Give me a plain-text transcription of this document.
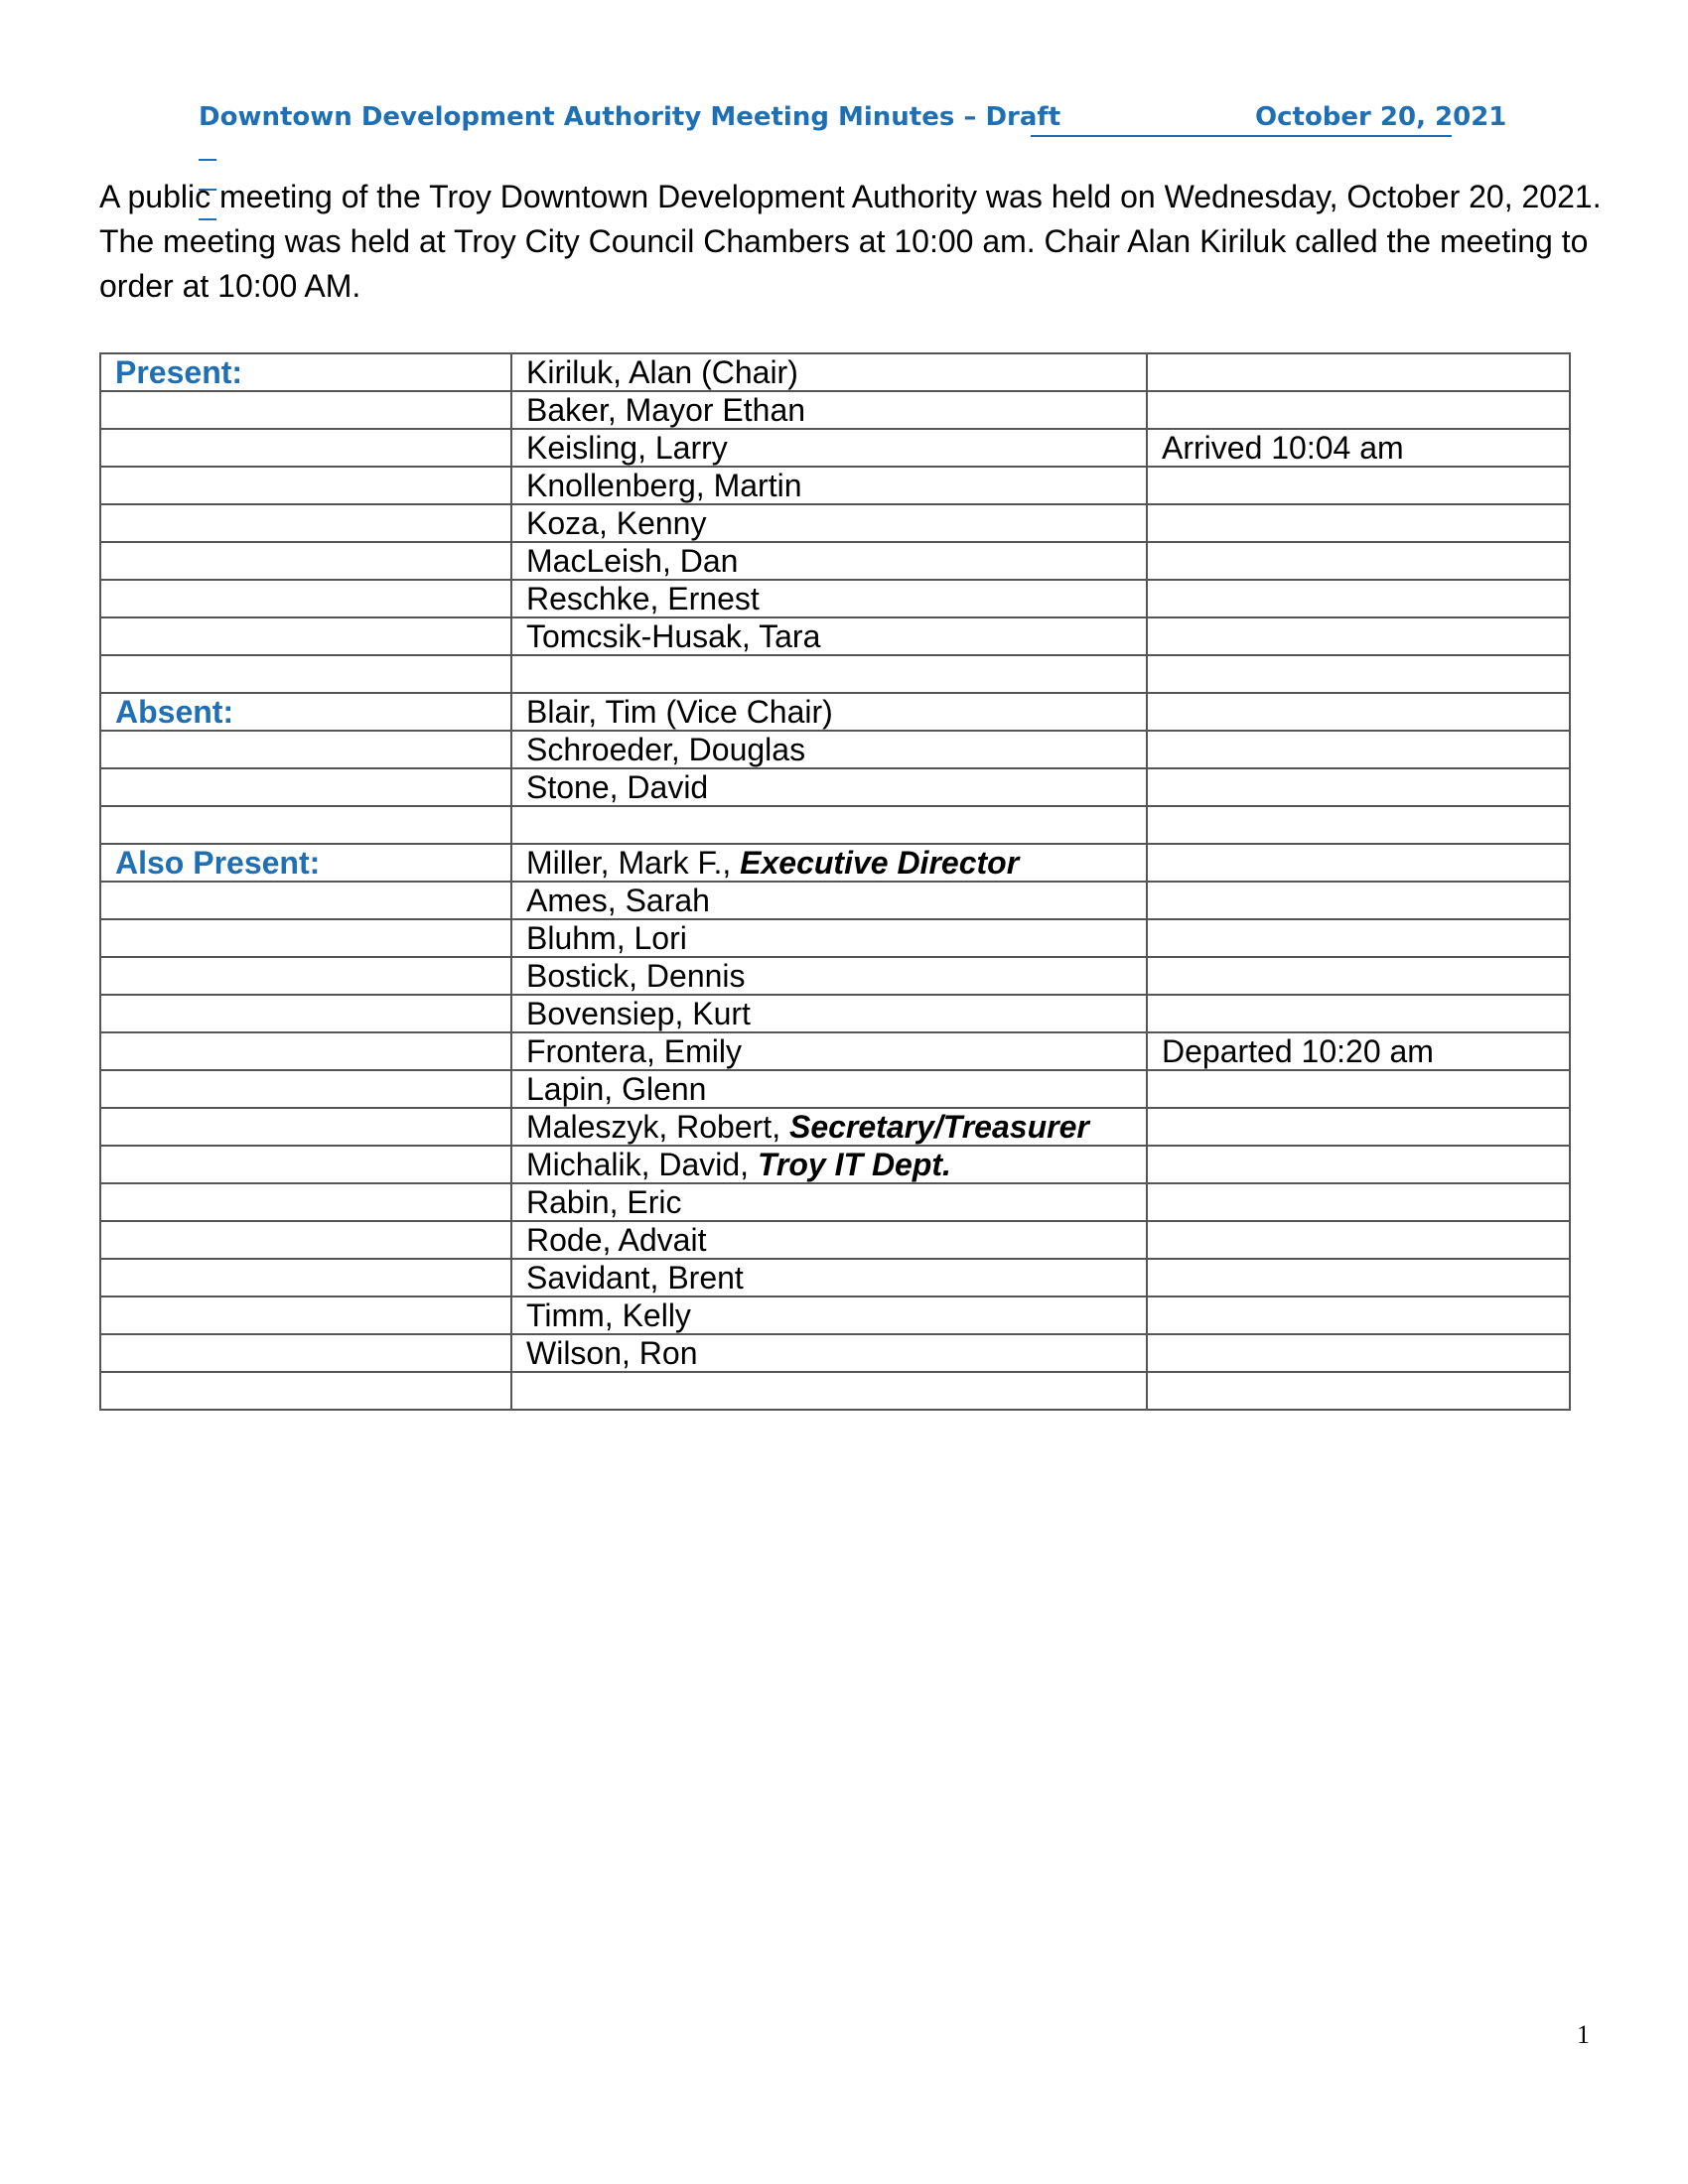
Downtown Development Authority Meeting Minutes – Draft

	October 20, 2021

A public meeting of the Troy Downtown Development Authority was held on Wednesday, October 20, 2021. The meeting was held at Troy City Council Chambers at 10:00 am. Chair Alan Kiriluk called the meeting to order at 10:00 AM.

Present:	Kiriluk, Alan (Chair)	
	Baker, Mayor Ethan	
	Keisling, Larry	Arrived 10:04 am
	Knollenberg, Martin	
	Koza, Kenny	
	MacLeish, Dan	
	Reschke, Ernest	
	Tomcsik-Husak, Tara	

Absent:	Blair, Tim (Vice Chair)	
	Schroeder, Douglas	
	Stone, David	

Also Present:	Miller, Mark F., Executive Director	
	Ames, Sarah	
	Bluhm, Lori	
	Bostick, Dennis	
	Bovensiep, Kurt	
	Frontera, Emily	Departed 10:20 am
	Lapin, Glenn	
	Maleszyk, Robert, Secretary/Treasurer	
	Michalik, David, Troy IT Dept.	
	Rabin, Eric	
	Rode, Advait	
	Savidant, Brent	
	Timm, Kelly	
	Wilson, Ron	

1
